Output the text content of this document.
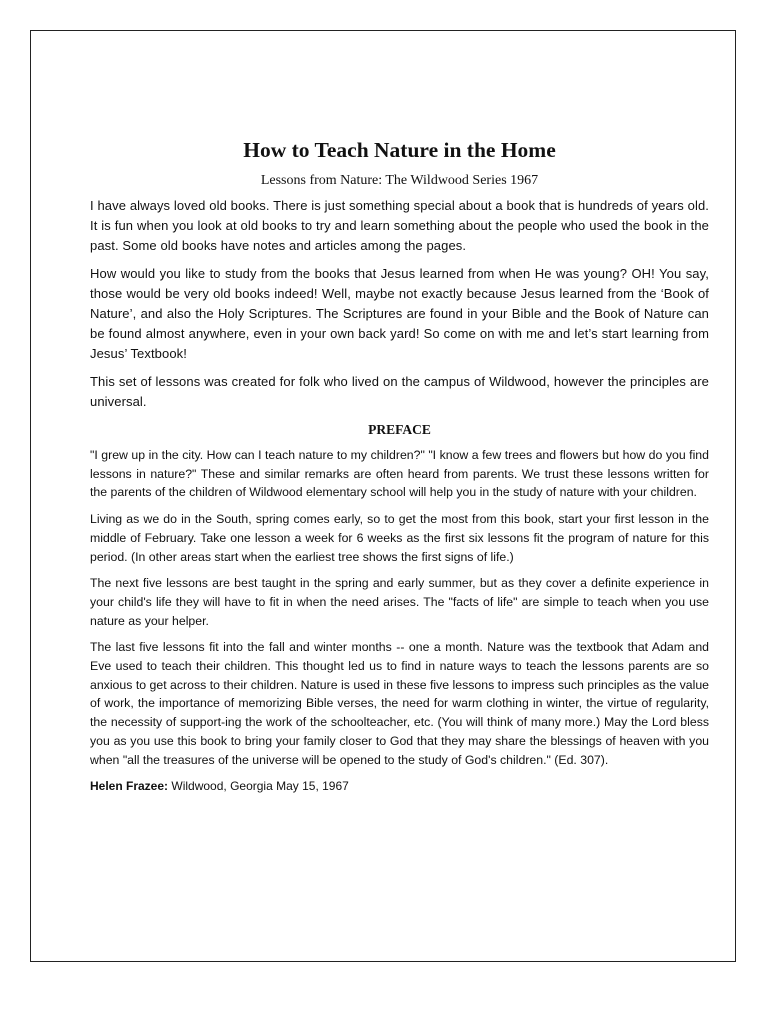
How to Teach Nature in the Home
Lessons from Nature: The Wildwood Series 1967

I have always loved old books. There is just something special about a book that is hundreds of years old. It is fun when you look at old books to try and learn something about the people who used the book in the past. Some old books have notes and articles among the pages.

How would you like to study from the books that Jesus learned from when He was young? OH! You say, those would be very old books indeed! Well, maybe not exactly because Jesus learned from the ‘Book of Nature’, and also the Holy Scriptures. The Scriptures are found in your Bible and the Book of Nature can be found almost anywhere, even in your own back yard! So come on with me and let’s start learning from Jesus’ Textbook!

This set of lessons was created for folk who lived on the campus of Wildwood, however the principles are universal.

PREFACE

"I grew up in the city. How can I teach nature to my children?" "I know a few trees and flowers but how do you find lessons in nature?" These and similar remarks are often heard from parents. We trust these lessons written for the parents of the children of Wildwood elementary school will help you in the study of nature with your children.

Living as we do in the South, spring comes early, so to get the most from this book, start your first lesson in the middle of February. Take one lesson a week for 6 weeks as the first six lessons fit the program of nature for this period. (In other areas start when the earliest tree shows the first signs of life.)

The next five lessons are best taught in the spring and early summer, but as they cover a definite experience in your child's life they will have to fit in when the need arises. The "facts of life" are simple to teach when you use nature as your helper.

The last five lessons fit into the fall and winter months -- one a month. Nature was the textbook that Adam and Eve used to teach their children. This thought led us to find in nature ways to teach the lessons parents are so anxious to get across to their children. Nature is used in these five lessons to impress such principles as the value of work, the importance of memorizing Bible verses, the need for warm clothing in winter, the virtue of regularity, the necessity of support-ing the work of the schoolteacher, etc. (You will think of many more.) May the Lord bless you as you use this book to bring your family closer to God that they may share the blessings of heaven with you when "all the treasures of the universe will be opened to the study of God's children." (Ed. 307).

Helen Frazee: Wildwood, Georgia May 15, 1967
